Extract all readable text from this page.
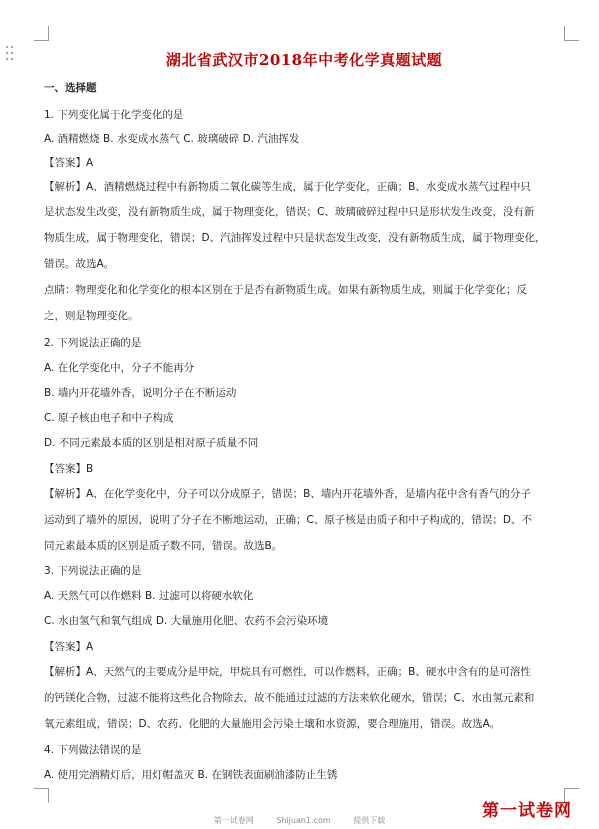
湖北省武汉市2018年中考化学真题试题
一、选择题
1. 下列变化属于化学变化的是
A. 酒精燃烧 B. 水变成水蒸气 C. 玻璃破碎 D. 汽油挥发
【答案】A
【解析】A、酒精燃烧过程中有新物质二氧化碳等生成，属于化学变化，正确；B、水变成水蒸气过程中只
是状态发生改变，没有新物质生成，属于物理变化，错误；C、玻璃破碎过程中只是形状发生改变，没有新
物质生成，属于物理变化，错误；D、汽油挥发过程中只是状态发生改变，没有新物质生成，属于物理变化，
错误。故选A。
点睛：物理变化和化学变化的根本区别在于是否有新物质生成。如果有新物质生成，则属于化学变化；反
之，则是物理变化。
2. 下列说法正确的是
A. 在化学变化中，分子不能再分
B. 墙内开花墙外香，说明分子在不断运动
C. 原子核由电子和中子构成
D. 不同元素最本质的区别是相对原子质量不同
【答案】B
【解析】A、在化学变化中，分子可以分成原子，错误；B、墙内开花墙外香，是墙内花中含有香气的分子
运动到了墙外的原因，说明了分子在不断地运动，正确；C、原子核是由质子和中子构成的，错误；D、不
同元素最本质的区别是质子数不同，错误。故选B。
3. 下列说法正确的是
A. 天然气可以作燃料 B. 过滤可以将硬水软化
C. 水由氢气和氧气组成 D. 大量施用化肥、农药不会污染环境
【答案】A
【解析】A、天然气的主要成分是甲烷，甲烷具有可燃性，可以作燃料，正确；B、硬水中含有的是可溶性
的钙镁化合物，过滤不能将这些化合物除去，故不能通过过滤的方法来软化硬水，错误；C、水由氢元素和
氧元素组成，错误；D、农药、化肥的大量施用会污染土壤和水资源，要合理施用，错误。故选A。
4. 下列做法错误的是
A. 使用完酒精灯后，用灯帽盖灭 B. 在钢铁表面刷油漆防止生锈
第一试卷网
第一试卷网	Shijuan1.com	提供下载
